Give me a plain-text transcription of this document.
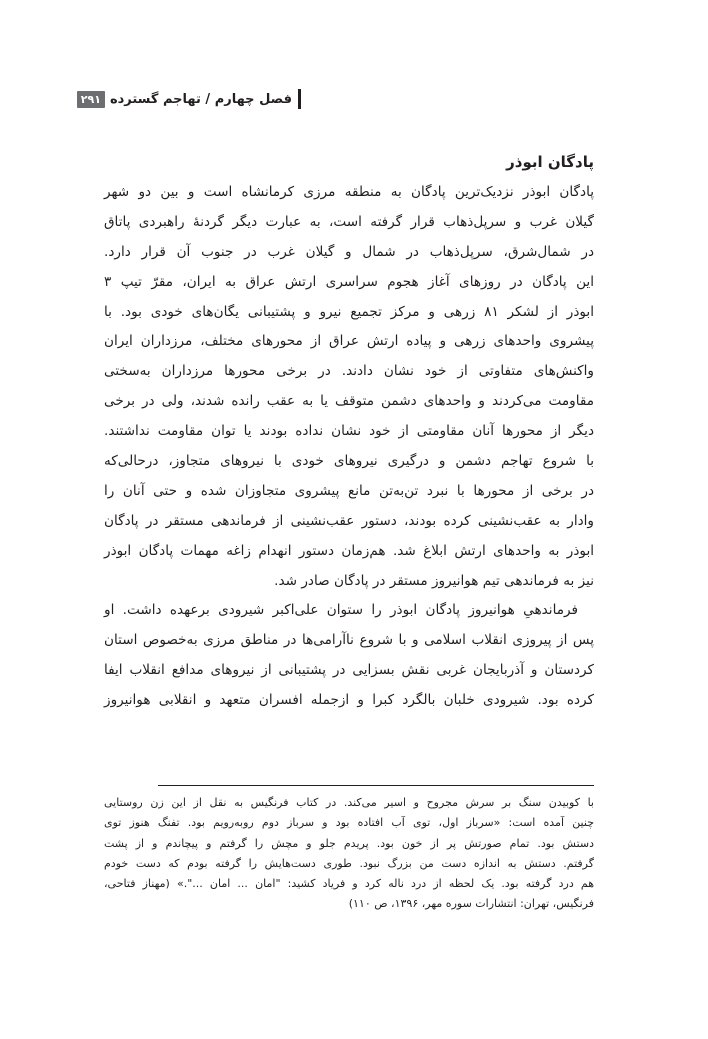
فصل چهارم / تهاجم گسترده
۲۹۱
پادگان ابوذر
پادگان ابوذر نزدیک‌ترین پادگان به منطقه مرزی کرمانشاه است و بین دو شهر
گیلان غرب و سرپل‌ذهاب قرار گرفته است، به عبارت دیگر گردنهٔ راهبردی پاتاق
در شمال‌شرق، سرپل‌ذهاب در شمال و گیلان غرب در جنوب آن قرار دارد.
این پادگان در روزهای آغاز هجوم سراسری ارتش عراق به ایران، مقرّ تیپ ۳
ابوذر از لشکر ۸۱ زرهی و مرکز تجمیع نیرو و پشتیبانی یگان‌های خودی بود. با
پیشروی واحدهای زرهی و پیاده ارتش عراق از محورهای مختلف، مرزداران ایران
واکنش‌های متفاوتی از خود نشان دادند. در برخی محورها مرزداران به‌سختی
مقاومت می‌کردند و واحدهای دشمن متوقف یا به عقب رانده شدند، ولی در برخی
دیگر از محورها آنان مقاومتی از خود نشان نداده بودند یا توان مقاومت نداشتند.
با شروع تهاجم دشمن و درگیری نیروهای خودی با نیروهای متجاوز، درحالی‌که
در برخی از محورها با نبرد تن‌به‌تن مانع پیشروی متجاوزان شده و حتی آنان را
وادار به عقب‌نشینی کرده بودند، دستور عقب‌نشینی از فرماندهی مستقر در پادگان
ابوذر به واحدهای ارتش ابلاغ شد. هم‌زمان دستور انهدام زاغه مهمات پادگان ابوذر
نیز به فرماندهی تیم هوانیروز مستقر در پادگان صادر شد.
فرماندهیِ هوانیروز پادگان ابوذر را ستوان علی‌اکبر شیرودی برعهده داشت. او
پس از پیروزی انقلاب اسلامی و با شروع ناآرامی‌ها در مناطق مرزی به‌خصوص استان
کردستان و آذربایجان غربی نقش بسزایی در پشتیبانی از نیروهای مدافع انقلاب ایفا
کرده بود. شیرودی خلبان بالگرد کبرا و ازجمله افسران متعهد و انقلابی هوانیروز
با کوبیدن سنگ بر سرش مجروح و اسیر می‌کند. در کتاب فرنگیس به نقل از این زن روستایی
چنین آمده است: «سرباز اول، توی آب افتاده بود و سرباز دوم روبه‌رویم بود. تفنگ هنوز توی
دستش بود. تمام صورتش پر از خون بود. پریدم جلو و مچش را گرفتم و پیچاندم و از پشت
گرفتم. دستش به اندازه دست من بزرگ نبود. طوری دست‌هایش را گرفته بودم که دست خودم
هم درد گرفته بود. یک لحظه از درد ناله کرد و فریاد کشید: "امان ... امان ...".» (مهناز فتاحی،
فرنگیس، تهران: انتشارات سوره مهر، ۱۳۹۶، ص ۱۱۰)
